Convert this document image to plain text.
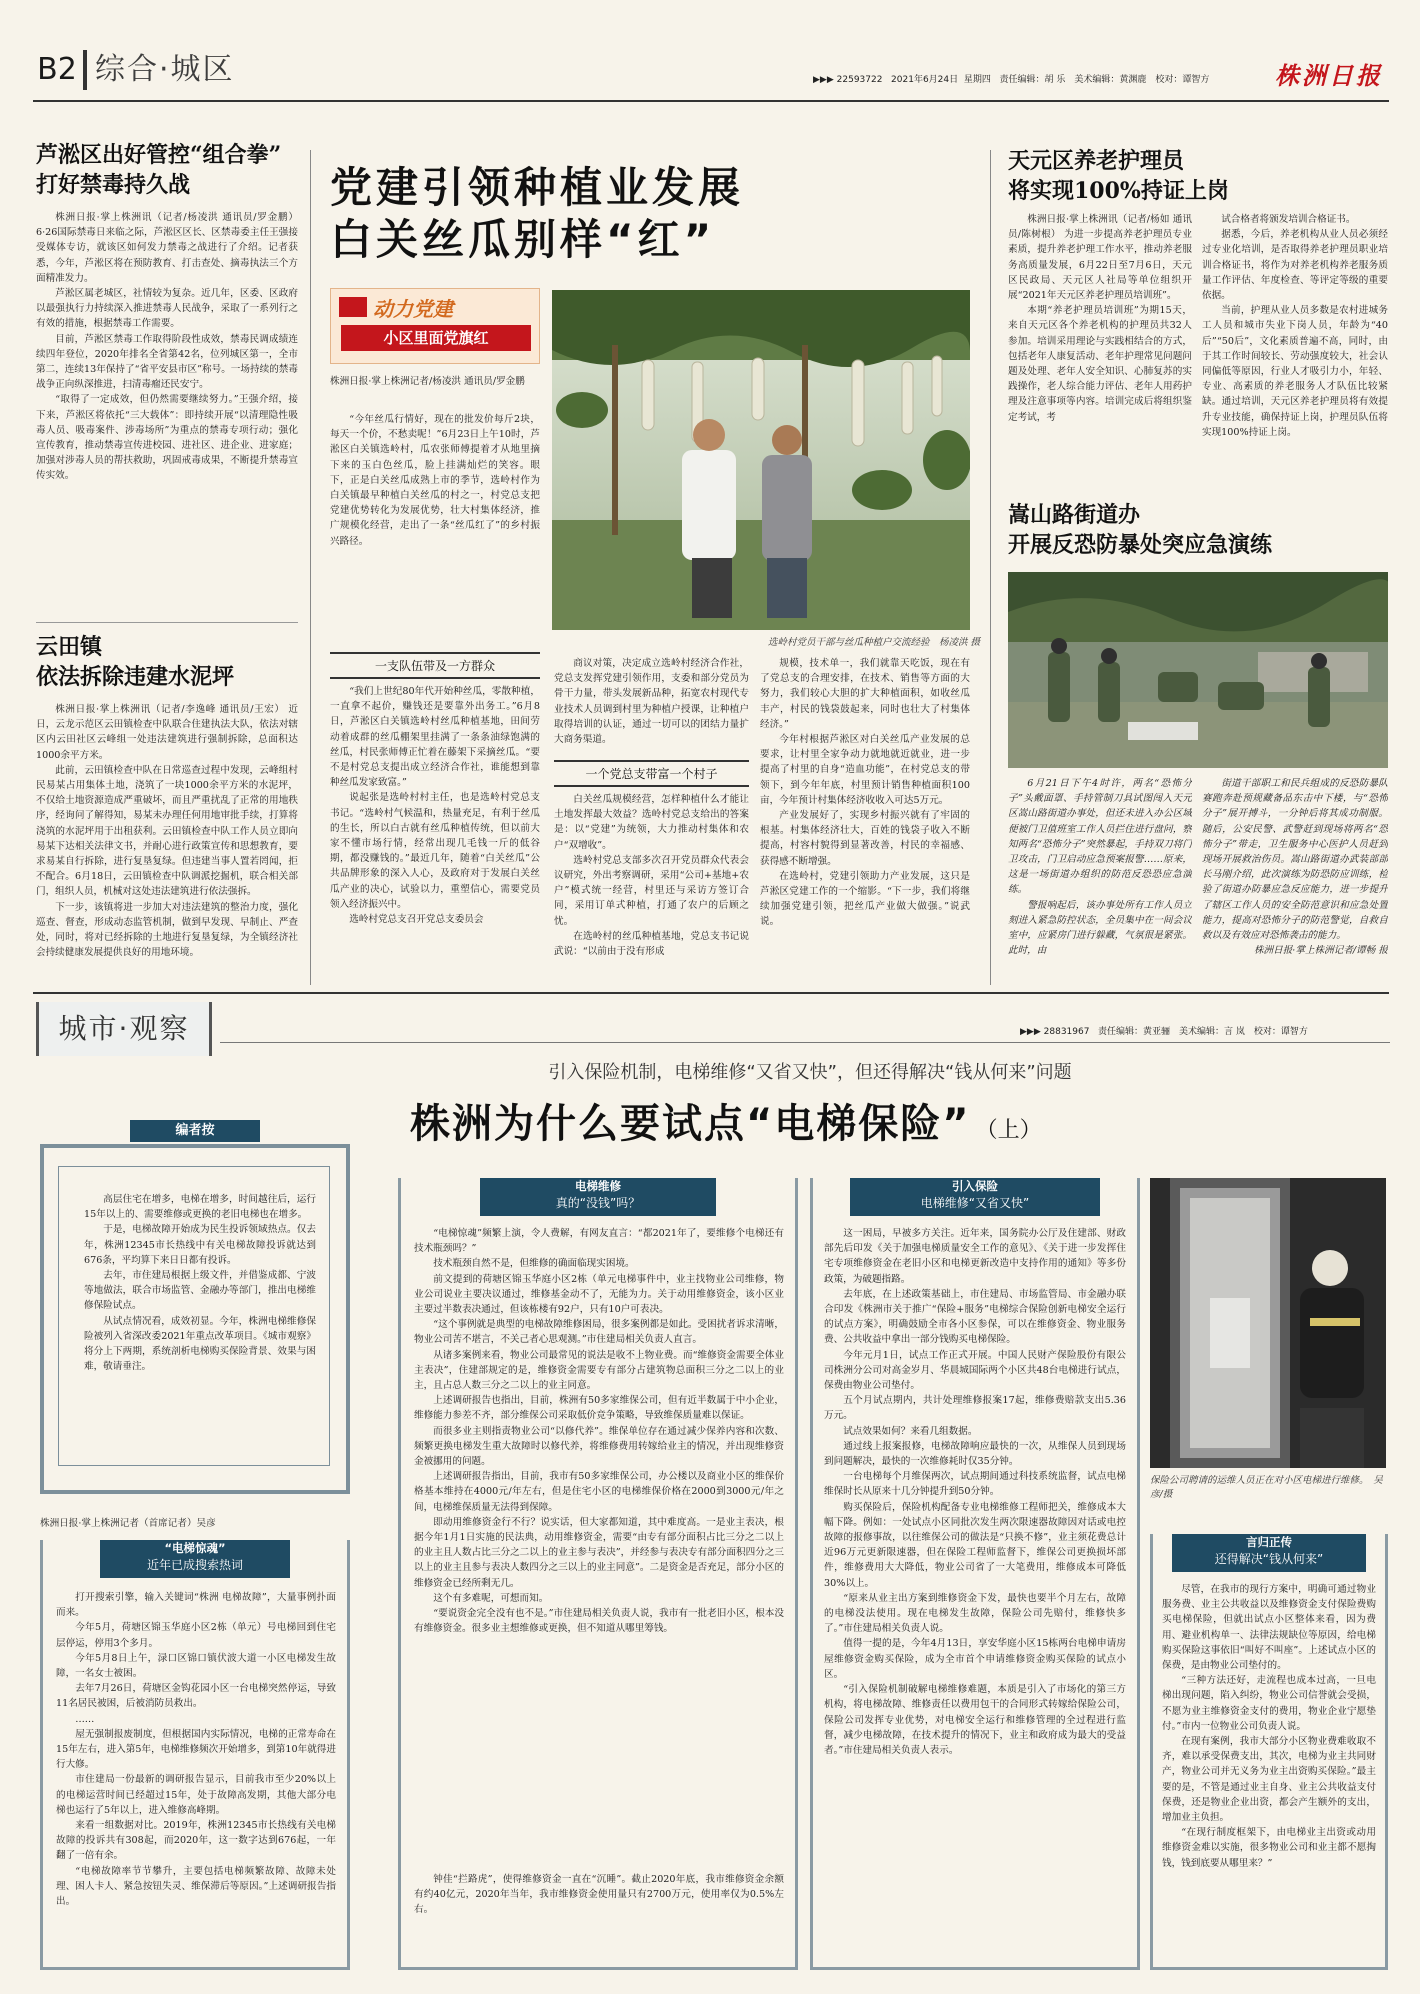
B2 综合·城区	▶▶▶ 22593722 2021年6月24日 星期四 责任编辑：胡 乐　美术编辑：黄渊鹿　校对：谭智方	株洲日报
芦淞区出好管控“组合拳”
打好禁毒持久战

株洲日报·掌上株洲讯（记者/杨凌洪 通讯员/罗金鹏） 6·26国际禁毒日来临之际，芦淞区区长、区禁毒委主任王强接受媒体专访，就该区如何发力禁毒之战进行了介绍。记者获悉，今年，芦淞区将在预防教育、打击查处、摘毒执法三个方面精准发力。

芦淞区属老城区，社情较为复杂。近几年，区委、区政府以最强执行力持续深入推进禁毒人民战争，采取了一系列行之有效的措施，根据禁毒工作需要。

目前，芦淞区禁毒工作取得阶段性成效，禁毒民调成绩连续四年登位，2020年排名全省第42名，位列城区第一，全市第二，连续13年保持了“省平安县市区”称号。一场持续的禁毒战争正向纵深推进，扫清毒瘤还民安宁。

“取得了一定成效，但仍然需要继续努力。”王强介绍，接下来，芦淞区将依托“三大载体”：即持续开展“以清理隐性吸毒人员、吸毒案件、涉毒场所”为重点的禁毒专项行动；强化宣传教育，推动禁毒宣传进校园、进社区、进企业、进家庭；加强对涉毒人员的帮扶救助，巩固戒毒成果，不断提升禁毒宣传实效。

云田镇
依法拆除违建水泥坪

株洲日报·掌上株洲讯（记者/李逸峰 通讯员/王宏） 近日，云龙示范区云田镇检查中队联合住建执法大队，依法对辖区内云田社区云峰组一处违法建筑进行强制拆除，总面积达1000余平方米。

此前，云田镇检查中队在日常巡查过程中发现，云峰组村民易某占用集体土地，浇筑了一块1000余平方米的水泥坪，不仅给土地资源造成严重破坏，而且严重扰乱了正常的用地秩序，经询问了解得知，易某未办理任何用地审批手续，打算将浇筑的水泥坪用于出租获利。云田镇检查中队工作人员立即向易某下达相关法律文书，并耐心进行政策宣传和思想教育，要求易某自行拆除，进行复垦复绿。但违建当事人置若罔闻，拒不配合。6月18日，云田镇检查中队调派挖掘机，联合相关部门，组织人员，机械对这处违法建筑进行依法强拆。

下一步，该镇将进一步加大对违法建筑的整治力度，强化巡查、督查，形成动态监管机制，做到早发现、早制止、严查处，同时，将对已经拆除的土地进行复垦复绿，为全镇经济社会持续健康发展提供良好的用地环境。

党建引领种植业发展
白关丝瓜别样“红”
动力党建
小区里面党旗红
株洲日报·掌上株洲记者/杨凌洪 通讯员/罗金鹏

“今年丝瓜行情好，现在的批发价每斤2块，每天一个价，不愁卖呢！”6月23日上午10时，芦淞区白关镇选岭村，瓜农张师傅提着才从地里摘下来的玉白色丝瓜，脸上挂满灿烂的笑容。眼下，正是白关丝瓜成熟上市的季节，选岭村作为白关镇最早种植白关丝瓜的村之一，村党总支把党建优势转化为发展优势，壮大村集体经济，推广规模化经营，走出了一条“丝瓜红了”的乡村振兴路径。

选岭村党员干部与丝瓜种植户交流经验　杨凌洪 摄
一支队伍带及一方群众

“我们上世纪80年代开始种丝瓜，零散种植，一直拿不起价，赚钱还是要靠外出务工。”6月8日，芦淞区白关镇选岭村丝瓜种植基地，田间劳动着成群的丝瓜棚架里挂满了一条条油绿饱满的丝瓜，村民张师傅正忙着在藤架下采摘丝瓜。“要不是村党总支提出成立经济合作社，谁能想到靠种丝瓜发家致富。”

说起张是选岭村村主任，也是选岭村党总支书记。“选岭村气候温和，热量充足，有利于丝瓜的生长，所以白古就有丝瓜种植传统，但以前大家不懂市场行情，经常出现几毛钱一斤的低谷期，都没赚钱的。”最近几年，随着“白关丝瓜”公共品牌形象的深入人心，及政府对于发展白关丝瓜产业的决心，试验以力，重塑信心，需要党员领入经济振兴中。

选岭村党总支召开党总支委员会

商议对策，决定成立选岭村经济合作社，党总支发挥党建引领作用，支委和部分党员为骨干力量，带头发展新品种，拓宽农村现代专业技术人员调到村里为种植户授课，让种植户取得培训的认证，通过一切可以的团结力量扩大商务渠道。

一个党总支带富一个村子

白关丝瓜规模经营，怎样种植什么才能让土地发挥最大效益？选岭村党总支给出的答案是：以“党建”为统领，大力推动村集体和农户“双增收”。

选岭村党总支部多次召开党员群众代表会议研究，外出考察调研，采用“公司+基地+农户”模式统一经营，村里还与采访方签订合同，采用订单式种植，打通了农户的后顾之忧。

在选岭村的丝瓜种植基地，党总支书记说武说：“以前由于没有形成

规模，技术单一，我们就靠天吃饭，现在有了党总支的合理安排，在技术、销售等方面的大努力，我们较心大胆的扩大种植面积，如收丝瓜丰产，村民的钱袋鼓起来，同时也壮大了村集体经济。”

今年村根据芦淞区对白关丝瓜产业发展的总要求，让村里全家争动力就地就近就业，进一步提高了村里的自身“造血功能”，在村党总支的带领下，到今年年底，村里预计销售种植面积100亩，今年预计村集体经济收收入可达5万元。

产业发展好了，实现乡村振兴就有了牢固的根基。村集体经济壮大，百姓的钱袋子收入不断提高，村容村貌得到显著改善，村民的幸福感、获得感不断增强。

在选岭村，党建引领助力产业发展，这只是芦淞区党建工作的一个缩影。“下一步，我们将继续加强党建引领，把丝瓜产业做大做强。”说武说。

天元区养老护理员
将实现100%持证上岗

株洲日报·掌上株洲讯（记者/杨如 通讯员/陈树根） 为进一步提高养老护理员专业素质，提升养老护理工作水平，推动养老服务高质量发展，6月22日至7月6日，天元区民政局、天元区人社局等单位组织开展“2021年天元区养老护理员培训班”。

本期“养老护理员培训班”为期15天，来自天元区各个养老机构的护理员共32人参加。培训采用理论与实践相结合的方式，包括老年人康复活动、老年护理常见问题问题及处理、老年人安全知识、心肺复苏的实践操作，老人综合能力评估、老年人用药护理及注意事项等内容。培训完成后将组织鉴定考试，考

试合格者将颁发培训合格证书。

据悉，今后，养老机构从业人员必须经过专业化培训，是否取得养老护理员职业培训合格证书，将作为对养老机构养老服务质量工作评估、年度检查、等评定等级的重要依据。

当前，护理从业人员多数是农村进城务工人员和城市失业下岗人员，年龄为“40后”“50后”，文化素质普遍不高，同时，由于其工作时间较长、劳动强度较大，社会认同偏低等原因，行业人才吸引力小，年轻、专业、高素质的养老服务人才队伍比较紧缺。通过培训，天元区养老护理员将有效提升专业技能，确保持证上岗，护理员队伍将实现100%持证上岗。

嵩山路街道办
开展反恐防暴处突应急演练

6月21日下午4时许，两名“恐怖分子”头戴面罩、手持管制刀具试图闯入天元区嵩山路街道办事处，但还未进入办公区域便被门卫值班室工作人员拦住进行盘问，察知两名“恐怖分子”突然暴起，手持双刀将门卫攻击，门卫启动应急预案报警……原来，这是一场街道办组织的防范反恐恐应急演练。

警报响起后，该办事处所有工作人员立刻进入紧急防控状态，全员集中在一间会议室中，应紧房门进行躲藏，气氛很是紧张。此时，由

街道干部职工和民兵组成的反恐防暴队赛跑奔赴预规藏备品东击中下楼，与“恐怖分子”展开搏斗，一分钟后将其成功制服。随后，公安民警、武警赶到现场将两名“恐怖分子”带走，卫生服务中心医护人员赶到现场开展救治伤员。嵩山路街道办武装部部长马刚介绍，此次演练为防恐防应训练，检验了街道办防暴应急反应能力，进一步提升了辖区工作人员的安全防范意识和应急处置能力，提高对恐怖分子的防范警觉，自救自救以及有效应对恐怖袭击的能力。

株洲日报·掌上株洲记者/谭畅 报

城市·观察	▶▶▶ 28831967 责任编辑：黄亚骊　美术编辑：言 岚　校对：谭智方
引入保险机制，电梯维修“又省又快”，但还得解决“钱从何来”问题
株洲为什么要试点“电梯保险” （上）
编者按

高层住宅在增多，电梯在增多，时间越往后，运行15年以上的、需要维修或更换的老旧电梯也在增多。

于是，电梯故障开始成为民生投诉领域热点。仅去年，株洲12345市长热线中有关电梯故障投诉就达到676条，平均算下来日日都有投诉。

去年，市住建局根据上级文件，并借鉴成都、宁波等地做法，联合市场监管、金融办等部门，推出电梯维修保险试点。

从试点情况看，成效初显。今年，株洲电梯维修保险被列入省深改委2021年重点改革项目。《城市观察》将分上下两期，系统剖析电梯购买保险背景、效果与困难，敬请垂注。

株洲日报·掌上株洲记者（首席记者）吴彦
“电梯惊魂”
近年已成搜索热词

打开搜索引擎，输入关键词“株洲 电梯故障”，大量事例扑面而来。

今年5月，荷塘区锦玉华庭小区2栋（单元）号电梯回到住宅层停运，停用3个多月。

今年5月8日上午，渌口区锦口镇伏波大道一小区电梯发生故障，一名女士被困。

去年7月26日，荷塘区金钩花园小区一台电梯突然停运，导致11名居民被困，后被消防员救出。

……

屋无强制报废制度，但根据国内实际情况，电梯的正常寿命在15年左右，进入第5年，电梯维修频次开始增多，到第10年就得进行大修。

市住建局一份最新的调研报告显示，目前我市至少20%以上的电梯运营时间已经超过15年，处于故障高发期，其他大部分电梯也运行了5年以上，进入维修高峰期。

来看一组数据对比。2019年，株洲12345市长热线有关电梯故障的投诉共有308起，而2020年，这一数字达到676起，一年翻了一倍有余。

“电梯故障率节节攀升，主要包括电梯频繁故障、故障未处理、困人卡人、紧急按钮失灵、维保滞后等原因。”上述调研报告指出。

电梯维修
真的“没钱”吗？

“电梯惊魂”频繁上演，令人费解，有网友直言：“都2021年了，要维修个电梯还有技术瓶颈吗？”

技术瓶颈自然不是，但维修的确面临现实困境。

前文提到的荷塘区锦玉华庭小区2栋（单元电梯事件中，业主找物业公司维修，物业公司说业主要决议通过，维修基金动不了，无能为力。关于动用维修资金，该小区业主要过半数表决通过，但该栋楼有92户，只有10户可表决。

“这个事例就是典型的电梯故障维修困局，很多案例都是如此。受困扰者诉求清晰，物业公司苦不堪言，不关己者心思观测。”市住建局相关负责人直言。

从诸多案例来看，物业公司最常见的说法是收不上物业费。而“维修资金需要全体业主表决”，住建部规定的是，维修资金需要专有部分占建筑物总面积三分之二以上的业主，且占总人数三分之二以上的业主同意。

上述调研报告也指出，目前，株洲有50多家维保公司，但有近半数属于中小企业，维修能力参差不齐，部分维保公司采取低价竞争策略，导致维保质量难以保证。

而很多业主则指责物业公司“以修代养”。维保单位存在通过减少保养内容和次数、频繁更换电梯发生重大故障时以修代养，将维修费用转嫁给业主的情况，并出现维修资金被挪用的问题。

上述调研报告指出，目前，我市有50多家维保公司，办公楼以及商业小区的维保价格基本维持在4000元/年左右，但是住宅小区的电梯维保价格在2000到3000元/年之间，电梯维保质量无法得到保障。

即动用维修资金行不行？说实话，但大家都知道，其中难度高。一是业主表决，根据今年1月1日实施的民法典，动用维修资金，需要“由专有部分面积占比三分之二以上的业主且人数占比三分之二以上的业主参与表决”，并经参与表决专有部分面积四分之三以上的业主且参与表决人数四分之三以上的业主同意”。二是资金是否充足，部分小区的维修资金已经所剩无几。

这个有多难呢，可想而知。

“要说资金完全没有也不是。”市住建局相关负责人说，我市有一批老旧小区，根本没有维修资金。很多业主想维修或更换，但不知道从哪里筹钱。

钟佳“拦路虎”，使得维修资金一直在“沉睡”。截止2020年底，我市维修资金余额有约40亿元，2020年当年，我市维修资金使用量只有2700万元，使用率仅为0.5%左右。

引入保险
电梯维修“又省又快”

这一困局，早被多方关注。近年来，国务院办公厅及住建部、财政部先后印发《关于加强电梯质量安全工作的意见》、《关于进一步发挥住宅专项维修资金在老旧小区和电梯更新改造中支持作用的通知》等多份政策，为破题指路。

去年底，在上述政策基础上，市住建局、市场监管局、市金融办联合印发《株洲市关于推广“保险+服务”电梯综合保险创新电梯安全运行的试点方案》，明确鼓励全市各小区参保，可以在维修资金、物业服务费、公共收益中拿出一部分钱购买电梯保险。

今年元月1日，试点工作正式开展。中国人民财产保险股份有限公司株洲分公司对高金岁月、华晨城国际两个小区共48台电梯进行试点，保费由物业公司垫付。

五个月试点期内，共计处理维修报案17起，维修费赔款支出5.36万元。

试点效果如何？来看几组数据。

通过线上报案报修，电梯故障响应最快的一次，从维保人员到现场到问题解决，最快的一次维修耗时仅35分钟。

一台电梯每个月维保两次，试点期间通过科技系统监督，试点电梯维保时长从原来十几分钟提升到50分钟。

购买保险后，保险机构配备专业电梯维修工程师把关，维修成本大幅下降。例如：一处试点小区同批次发生两次限速器故障因对话或电控故障的报修事故，以往维保公司的做法是“只换不修”，业主须花费总计近96万元更新限速器，但在保险工程师监督下，维保公司更换损坏部件，维修费用大大降低，物业公司省了一大笔费用，维修成本可降低30%以上。

“原来从业主出方案到维修资金下发，最快也要半个月左右，故障的电梯没法使用。现在电梯发生故障，保险公司先赔付，维修快多了。”市住建局相关负责人说。

值得一提的是，今年4月13日，享安华庭小区15栋两台电梯申请房屋维修资金购买保险，成为全市首个申请维修资金购买保险的试点小区。

“引入保险机制破解电梯维修难题，本质是引入了市场化的第三方机构，将电梯故障、维修责任以费用包干的合同形式转嫁给保险公司，保险公司发挥专业优势，对电梯安全运行和维修管理的全过程进行监督，减少电梯故障，在技术提升的情况下，业主和政府成为最大的受益者。”市住建局相关负责人表示。

保险公司聘请的运维人员正在对小区电梯进行维修。　吴彦/摄
言归正传
还得解决“钱从何来”

尽管，在我市的现行方案中，明确可通过物业服务费、业主公共收益以及维修资金支付保险费购买电梯保险，但就出试点小区整体来看，因为费用、避业机构单一、法律法规缺位等原因，给电梯购买保险这事依旧“叫好不叫座”。上述试点小区的保费，是由物业公司垫付的。

“三种方法还好，走流程也成本过高，一旦电梯出现问题，陷入纠纷，物业公司信誉就会受损，不愿为业主维修资金支付的费用，物业企业宁愿垫付。”市内一位物业公司负责人说。

在现有案例，我市大部分小区物业费难收取不齐，难以承受保费支出，其次，电梯为业主共同财产，物业公司并无义务为业主出资购买保险。”最主要的是，不管是通过业主自身、业主公共收益支付保费，还是物业企业出资，都会产生额外的支出，增加业主负担。

“在现行制度框架下，由电梯业主出资或动用维修资金难以实施，很多物业公司和业主都不愿掏钱，钱到底要从哪里来？”
